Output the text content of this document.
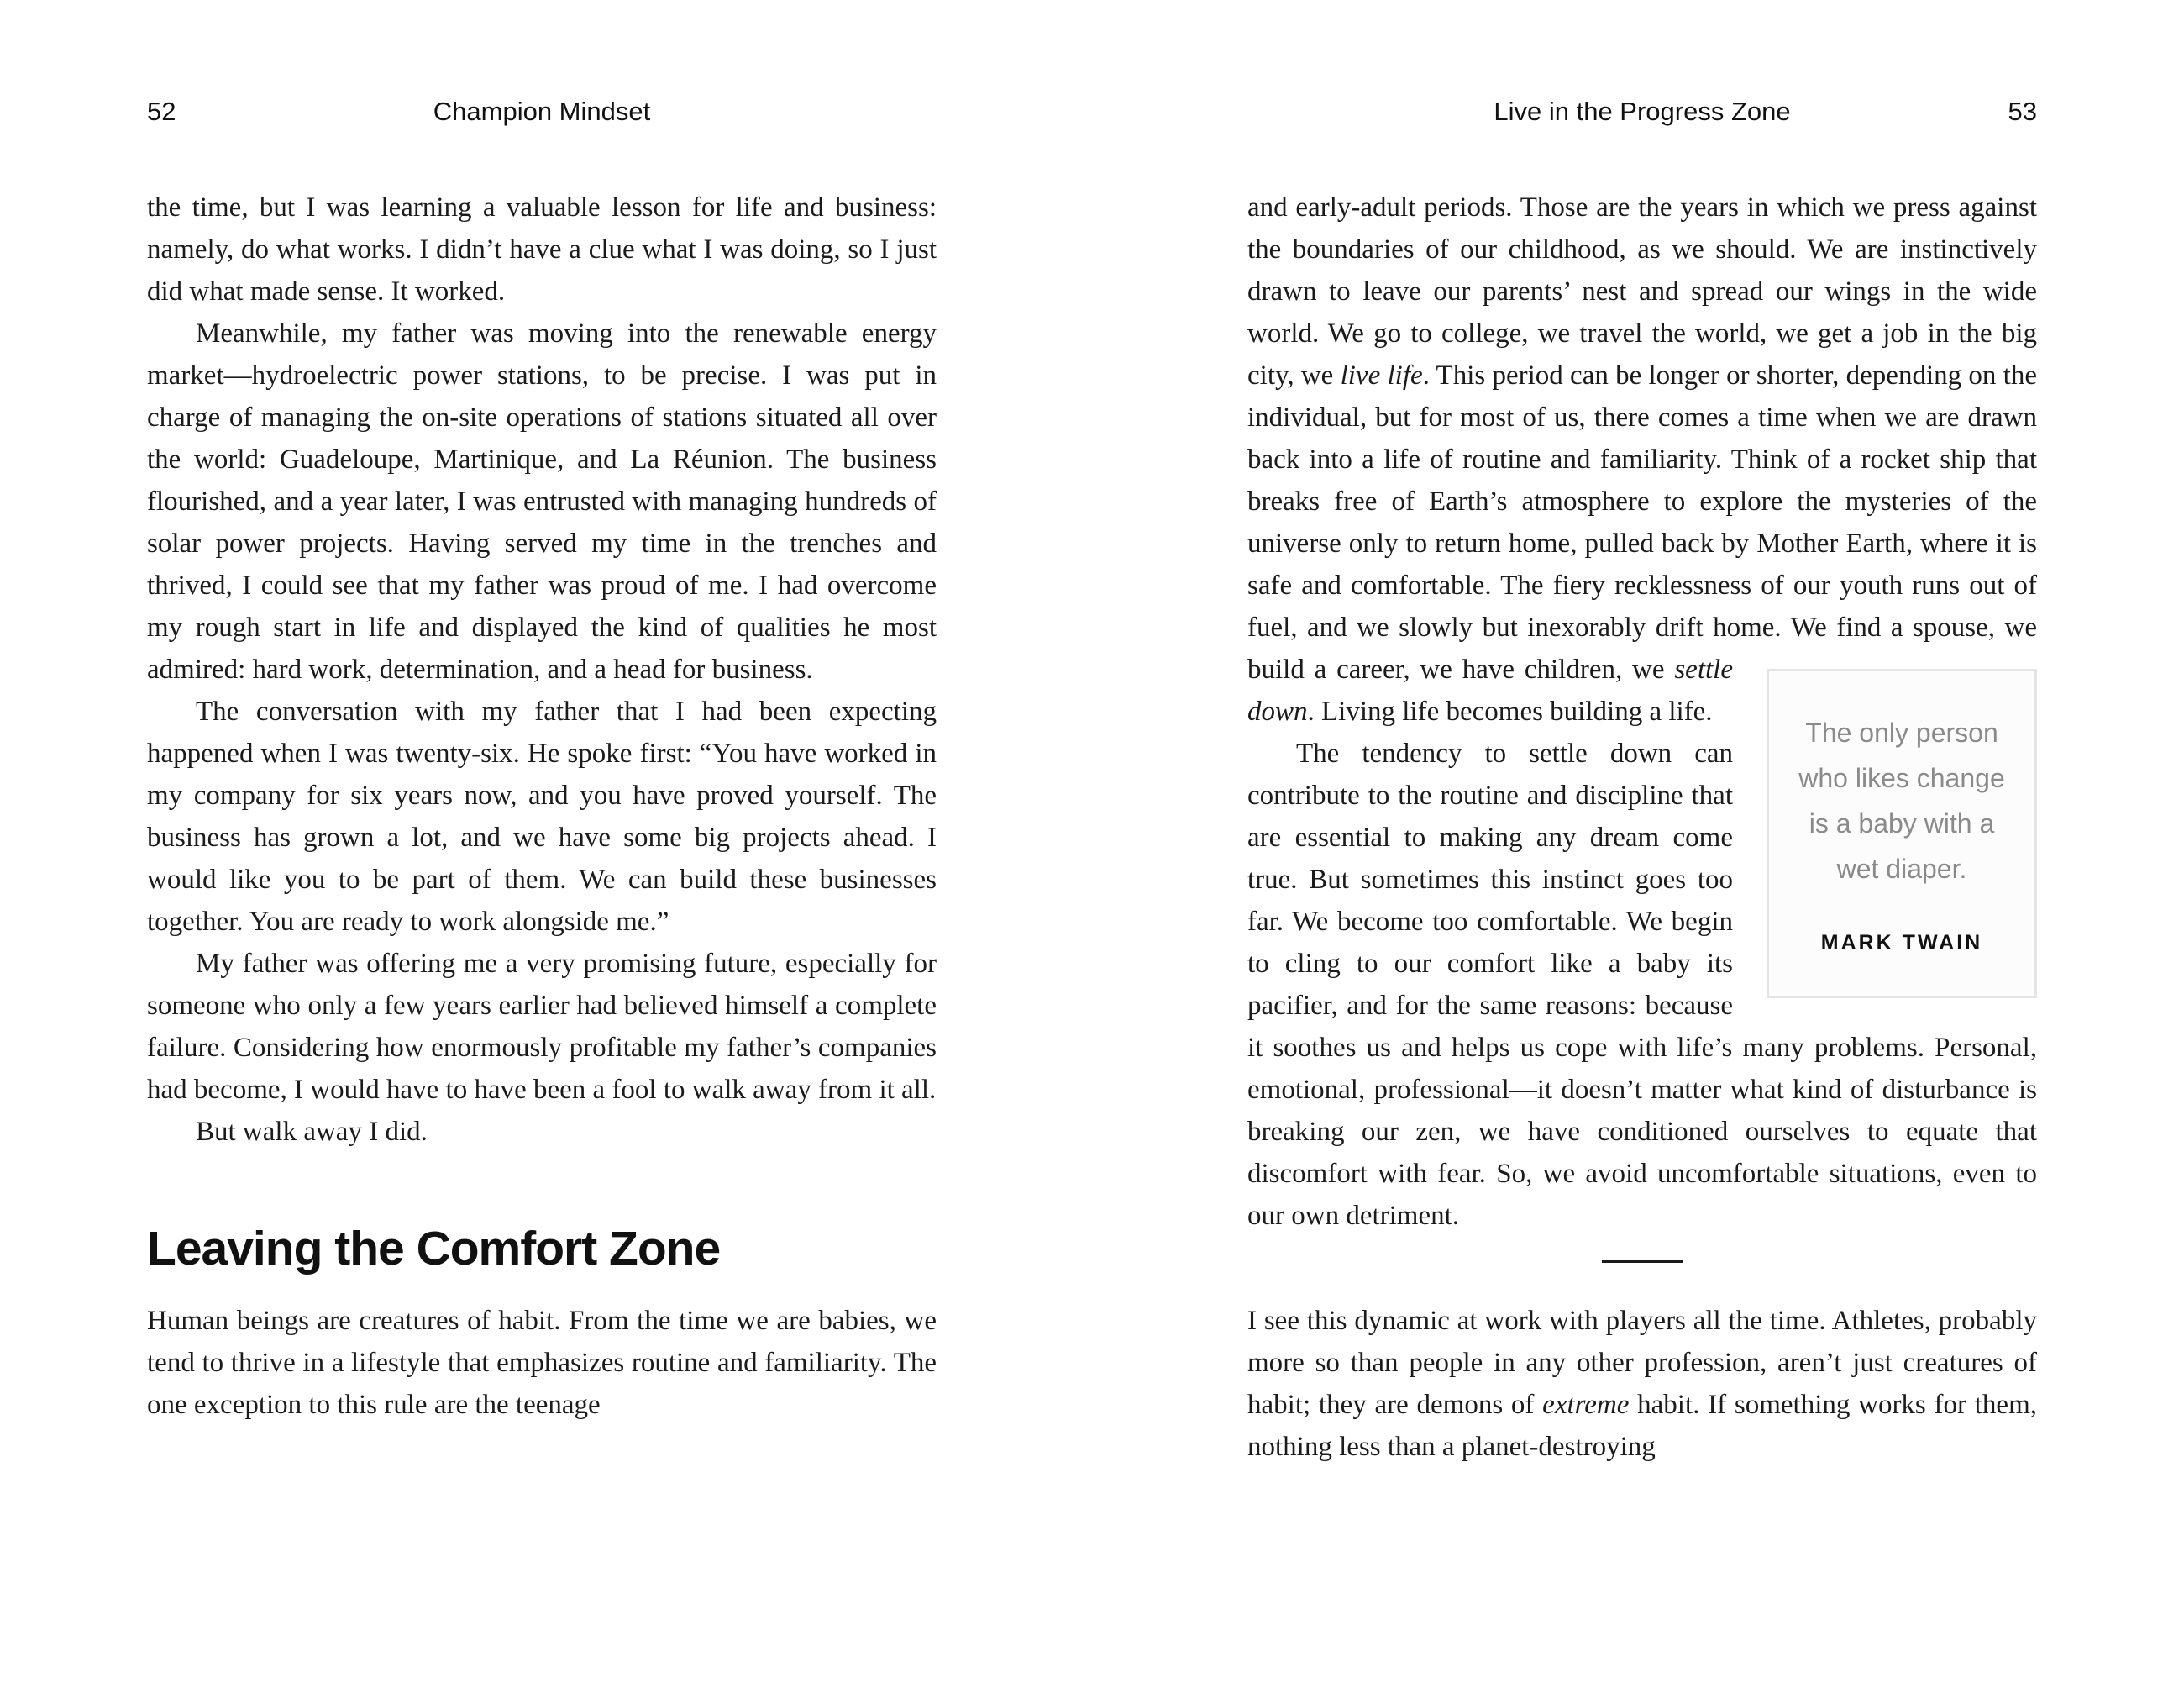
52	Champion Mindset

the time, but I was learning a valuable lesson for life and business: namely, do what works. I didn’t have a clue what I was doing, so I just did what made sense. It worked.

Meanwhile, my father was moving into the renewable energy market—hydroelectric power stations, to be precise. I was put in charge of managing the on-site operations of stations situated all over the world: Guadeloupe, Martinique, and La Réunion. The business flourished, and a year later, I was entrusted with managing hundreds of solar power projects. Having served my time in the trenches and thrived, I could see that my father was proud of me. I had overcome my rough start in life and displayed the kind of qualities he most admired: hard work, determination, and a head for business.

The conversation with my father that I had been expecting happened when I was twenty-six. He spoke first: “You have worked in my company for six years now, and you have proved yourself. The business has grown a lot, and we have some big projects ahead. I would like you to be part of them. We can build these businesses together. You are ready to work alongside me.”

My father was offering me a very promising future, especially for someone who only a few years earlier had believed himself a complete failure. Considering how enormously profitable my father’s companies had become, I would have to have been a fool to walk away from it all.

But walk away I did.

Leaving the Comfort Zone

Human beings are creatures of habit. From the time we are babies, we tend to thrive in a lifestyle that emphasizes routine and familiarity. The one exception to this rule are the teenage

Live in the Progress Zone	53

and early-adult periods. Those are the years in which we press against the boundaries of our childhood, as we should. We are instinctively drawn to leave our parents’ nest and spread our wings in the wide world. We go to college, we travel the world, we get a job in the big city, we live life. This period can be longer or shorter, depending on the individual, but for most of us, there comes a time when we are drawn back into a life of routine and familiarity. Think of a rocket ship that breaks free of Earth’s atmosphere to explore the mysteries of the universe only to return home, pulled back by Mother Earth, where it is safe and comfortable. The fiery recklessness of our youth runs out of fuel, and we slowly but inexorably drift home. We find a
The only person who likes change is a baby with a wet diaper.
MARK TWAIN
spouse, we build a career, we have children, we settle down. Living life becomes building a life.

The tendency to settle down can contribute to the routine and discipline that are essential to making any dream come true. But sometimes this instinct goes too far. We become too comfortable. We begin to cling to our comfort like a baby its pacifier, and for the same reasons: because it soothes us and helps us cope with life’s many problems. Personal, emotional, professional—it doesn’t matter what kind of disturbance is breaking our zen, we have conditioned ourselves to equate that discomfort with fear. So, we avoid uncomfortable situations, even to our own detriment.

I see this dynamic at work with players all the time. Athletes, probably more so than people in any other profession, aren’t just creatures of habit; they are demons of extreme habit. If something works for them, nothing less than a planet-destroying
